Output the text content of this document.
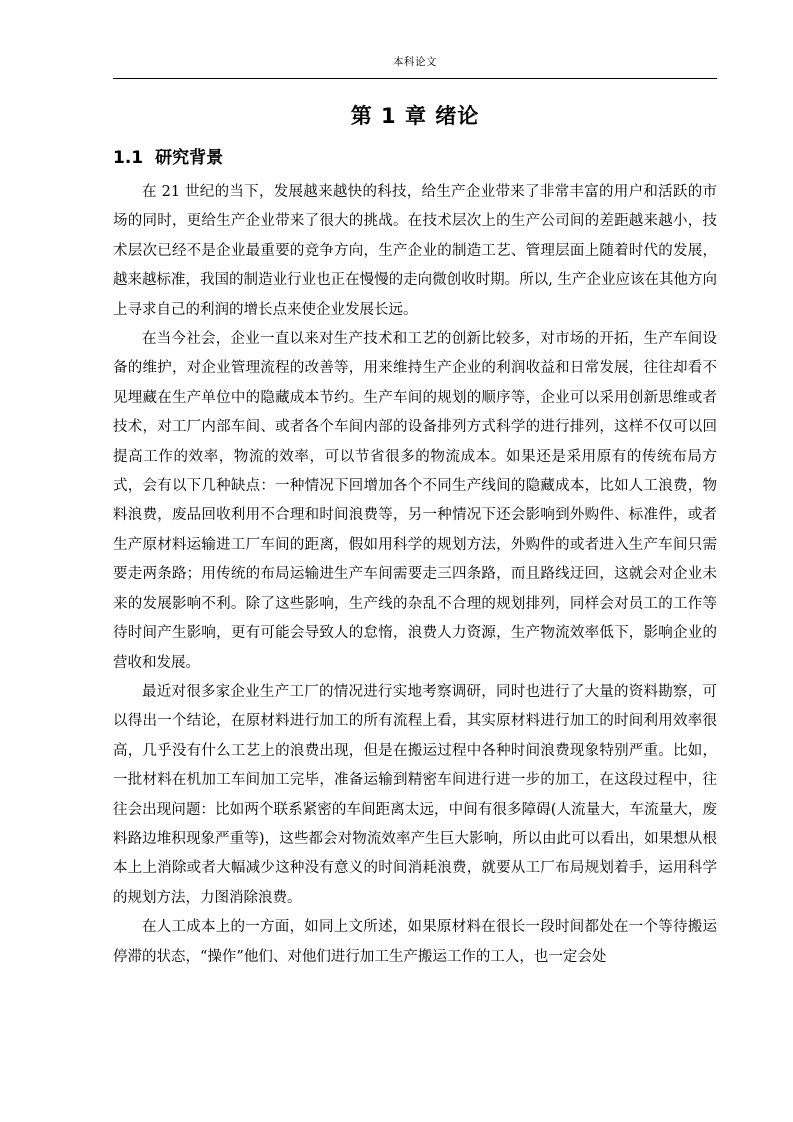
本科论文
第 1 章 绪论
1.1 研究背景

在 21 世纪的当下，发展越来越快的科技，给生产企业带来了非常丰富的用户和活跃的市场的同时，更给生产企业带来了很大的挑战。在技术层次上的生产公司间的差距越来越小，技术层次已经不是企业最重要的竞争方向，生产企业的制造工艺、管理层面上随着时代的发展，越来越标准，我国的制造业行业也正在慢慢的走向微创收时期。所以, 生产企业应该在其他方向上寻求自己的利润的增长点来使企业发展长远。

在当今社会，企业一直以来对生产技术和工艺的创新比较多，对市场的开拓，生产车间设备的维护，对企业管理流程的改善等，用来维持生产企业的利润收益和日常发展，往往却看不见埋藏在生产单位中的隐藏成本节约。生产车间的规划的顺序等，企业可以采用创新思维或者技术，对工厂内部车间、或者各个车间内部的设备排列方式科学的进行排列，这样不仅可以回提高工作的效率，物流的效率，可以节省很多的物流成本。如果还是采用原有的传统布局方式，会有以下几种缺点：一种情况下回增加各个不同生产线间的隐藏成本，比如人工浪费，物料浪费，废品回收利用不合理和时间浪费等，另一种情况下还会影响到外购件、标准件，或者生产原材料运输进工厂车间的距离，假如用科学的规划方法，外购件的或者进入生产车间只需要走两条路；用传统的布局运输进生产车间需要走三四条路，而且路线迂回，这就会对企业未来的发展影响不利。除了这些影响，生产线的杂乱不合理的规划排列，同样会对员工的工作等待时间产生影响，更有可能会导致人的怠惰，浪费人力资源，生产物流效率低下，影响企业的营收和发展。

最近对很多家企业生产工厂的情况进行实地考察调研，同时也进行了大量的资料勘察，可以得出一个结论，在原材料进行加工的所有流程上看，其实原材料进行加工的时间利用效率很高，几乎没有什么工艺上的浪费出现，但是在搬运过程中各种时间浪费现象特别严重。比如，一批材料在机加工车间加工完毕，准备运输到精密车间进行进一步的加工，在这段过程中，往往会出现问题：比如两个联系紧密的车间距离太远，中间有很多障碍(人流量大，车流量大，废料路边堆积现象严重等)，这些都会对物流效率产生巨大影响，所以由此可以看出，如果想从根本上上消除或者大幅减少这种没有意义的时间消耗浪费，就要从工厂布局规划着手，运用科学的规划方法，力图消除浪费。

在人工成本上的一方面，如同上文所述，如果原材料在很长一段时间都处在一个等待搬运停滞的状态，“操作”他们、对他们进行加工生产搬运工作的工人，也一定会处
